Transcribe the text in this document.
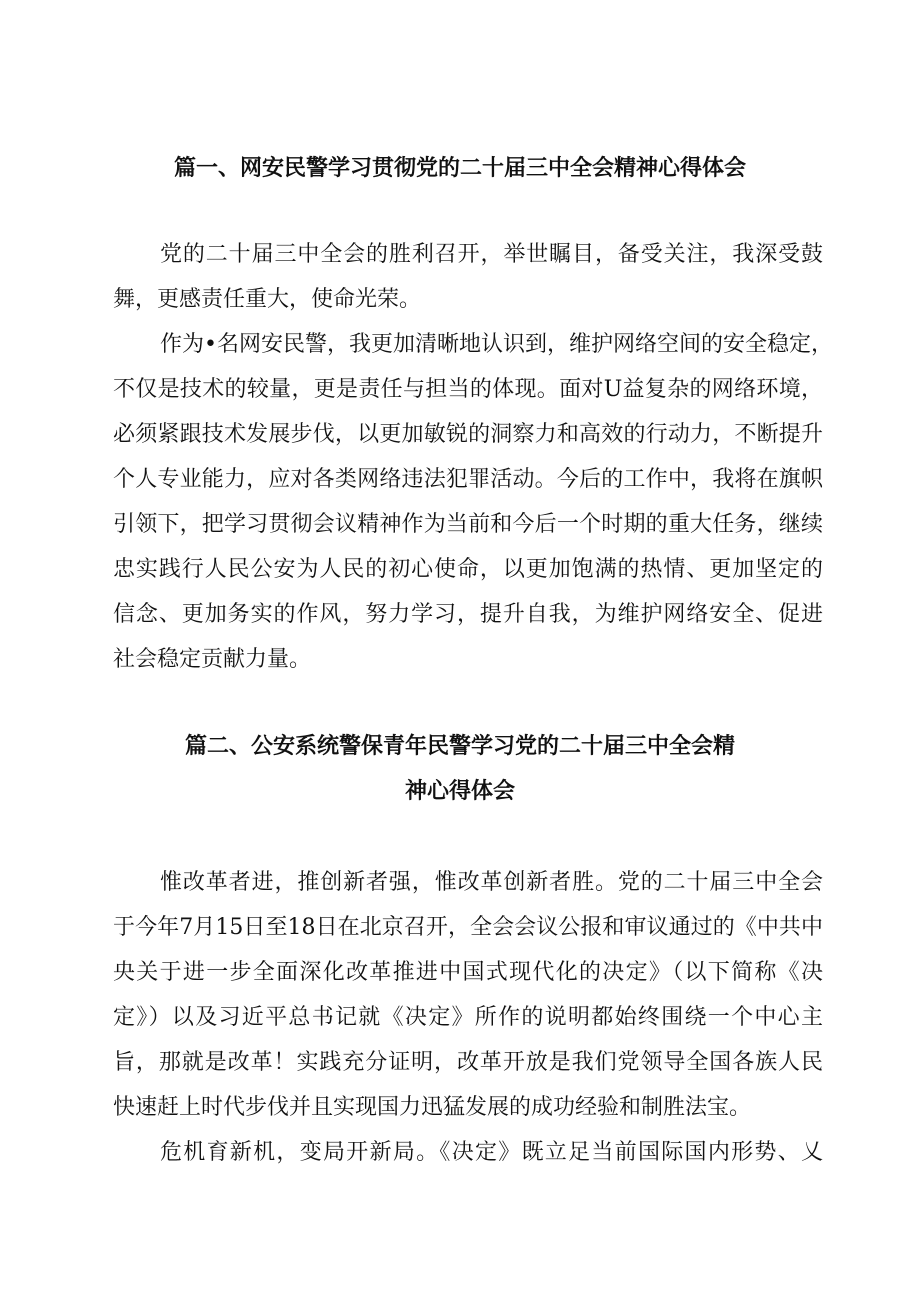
篇一、网安民警学习贯彻党的二十届三中全会精神心得体会
党的二十届三中全会的胜利召开，举世瞩目，备受关注，我深受鼓
舞，更感责任重大，使命光荣。
作为•名网安民警，我更加清晰地认识到，维护网络空间的安全稳定，
不仅是技术的较量，更是责任与担当的体现。面对U益复杂的网络环境，
必须紧跟技术发展步伐，以更加敏锐的洞察力和高效的行动力，不断提升
个人专业能力，应对各类网络违法犯罪活动。今后的工作中，我将在旗帜
引领下，把学习贯彻会议精神作为当前和今后一个时期的重大任务，继续
忠实践行人民公安为人民的初心使命，以更加饱满的热情、更加坚定的
信念、更加务实的作风，努力学习，提升自我，为维护网络安全、促进
社会稳定贡献力量。
篇二、公安系统警保青年民警学习党的二十届三中全会精
神心得体会
惟改革者进，推创新者强，惟改革创新者胜。党的二十届三中全会
于今年7月15日至18日在北京召开，全会会议公报和审议通过的《中共中
央关于进一步全面深化改革推进中国式现代化的决定》（以下简称《决
定》）以及习近平总书记就《决定》所作的说明都始终围绕一个中心主
旨，那就是改革！实践充分证明，改革开放是我们党领导全国各族人民
快速赶上时代步伐并且实现国力迅猛发展的成功经验和制胜法宝。
危机育新机，变局开新局。《决定》既立足当前国际国内形势、乂
